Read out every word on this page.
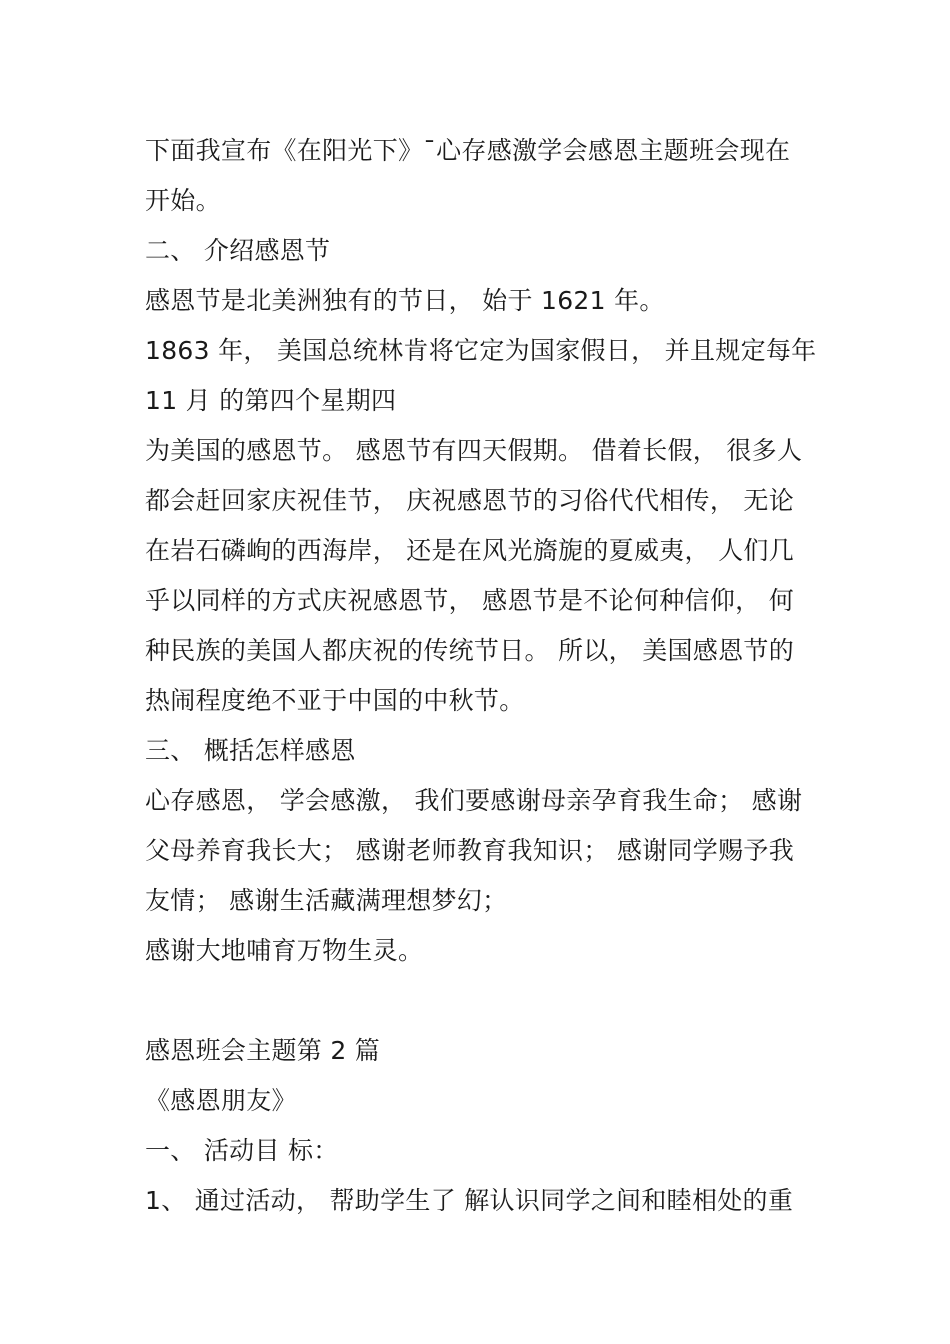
下面我宣布《在阳光下》¯心存感激学会感恩主题班会现在
开始。
二、 介绍感恩节
感恩节是北美洲独有的节日， 始于 1621 年。
1863 年， 美国总统林肯将它定为国家假日， 并且规定每年
11 月 的第四个星期四
为美国的感恩节。 感恩节有四天假期。 借着长假， 很多人
都会赶回家庆祝佳节， 庆祝感恩节的习俗代代相传， 无论
在岩石磷峋的西海岸， 还是在风光旖旎的夏威夷， 人们几
乎以同样的方式庆祝感恩节， 感恩节是不论何种信仰， 何
种民族的美国人都庆祝的传统节日。 所以， 美国感恩节的
热闹程度绝不亚于中国的中秋节。
三、 概括怎样感恩
心存感恩， 学会感激， 我们要感谢母亲孕育我生命； 感谢
父母养育我长大； 感谢老师教育我知识； 感谢同学赐予我
友情； 感谢生活藏满理想梦幻；
感谢大地哺育万物生灵。
感恩班会主题第 2 篇
《感恩朋友》
一、 活动目 标：
1、 通过活动， 帮助学生了 解认识同学之间和睦相处的重
